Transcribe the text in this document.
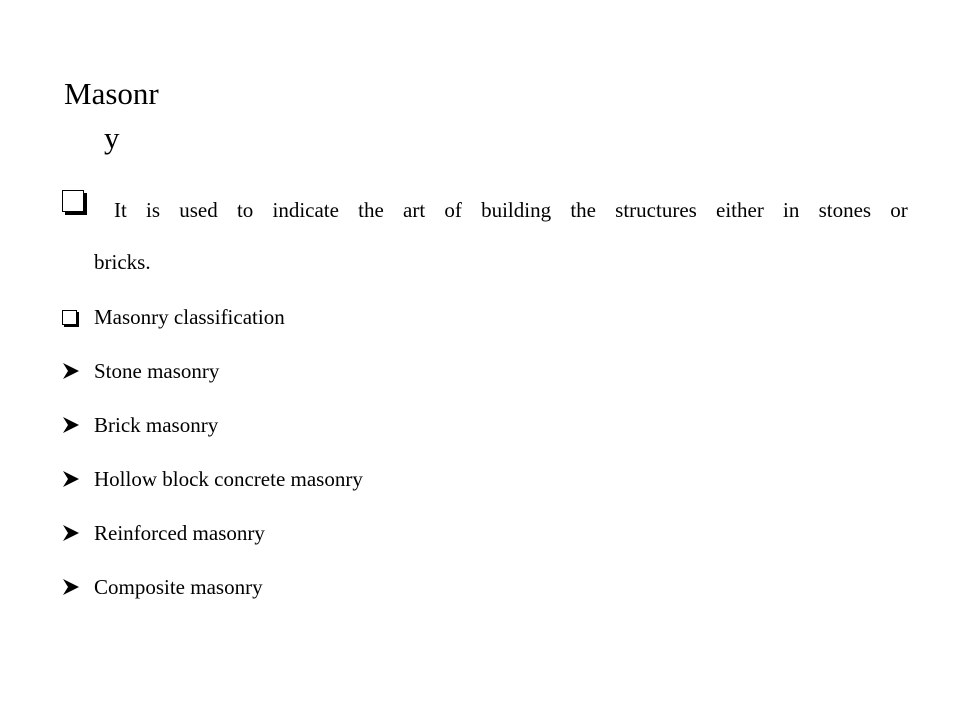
Masonr
y
It is used to indicate the art of building the structures either in stones or
bricks.
Masonry classification
Stone masonry
Brick masonry
Hollow block concrete masonry
Reinforced masonry
Composite masonry
